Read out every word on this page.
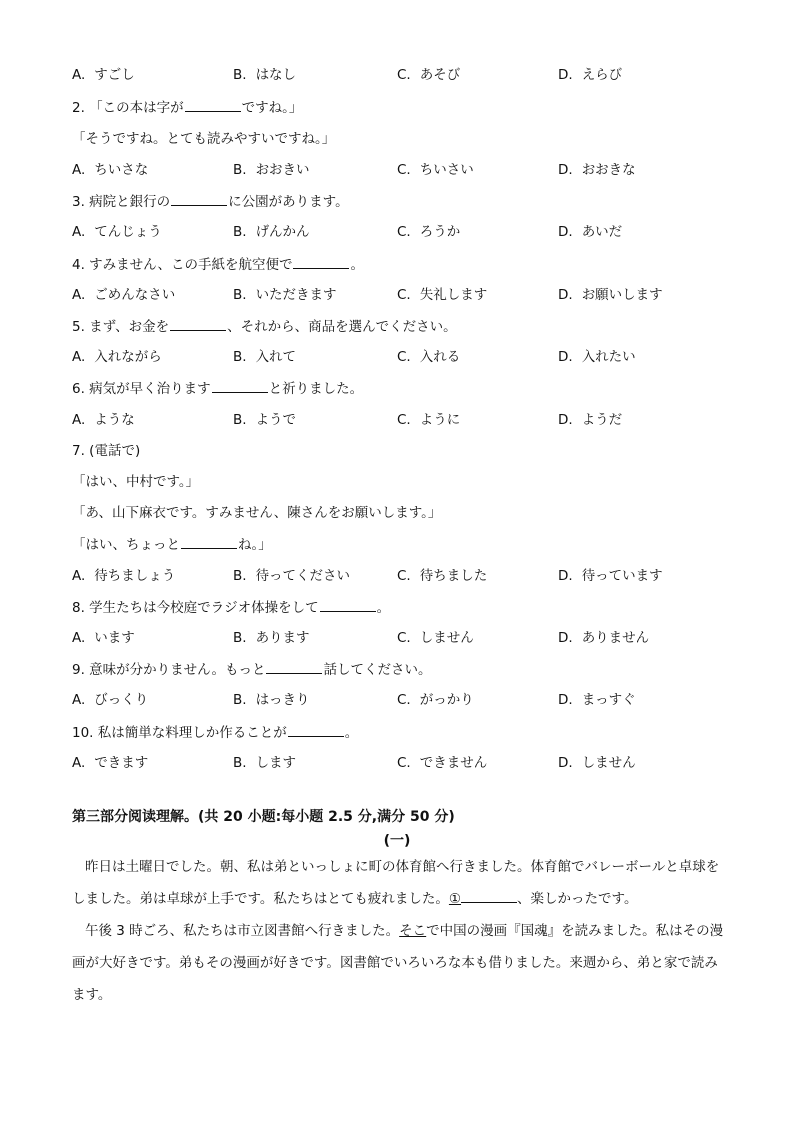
A. すごし	B. はなし	C. あそび	D. えらび
2. 「この本は字が	ですね。」
「そうですね。とても読みやすいですね。」
A. ちいさな	B. おおきい	C. ちいさい	D. おおきな
3. 病院と銀行の	に公園があります。
A. てんじょう	B. げんかん	C. ろうか	D. あいだ
4. すみません、この手紙を航空便で	。
A. ごめんなさい	B. いただきます	C. 失礼します	D. お願いします
5. まず、お金を	、それから、商品を選んでください。
A. 入れながら	B. 入れて	C. 入れる	D. 入れたい
6. 病気が早く治ります	と祈りました。
A. ような	B. ようで	C. ように	D. ようだ
7. (電話で)
「はい、中村です。」
「あ、山下麻衣です。すみません、陳さんをお願いします。」
「はい、ちょっと	ね。」
A. 待ちましょう	B. 待ってください	C. 待ちました	D. 待っています
8. 学生たちは今校庭でラジオ体操をして	。
A. います	B. あります	C. しません	D. ありません
9. 意味が分かりません。もっと	話してください。
A. びっくり	B. はっきり	C. がっかり	D. まっすぐ
10. 私は簡単な料理しか作ることが	。
A. できます	B. します	C. できません	D. しません
第三部分阅读理解。(共 20 小题:每小题 2.5 分,满分 50 分)
(一)
昨日は土曜日でした。朝、私は弟といっしょに町の体育館へ行きました。体育館でバレーボールと卓球をしました。弟は卓球が上手です。私たちはとても疲れました。①	、楽しかったです。
午後 3 時ごろ、私たちは市立図書館へ行きました。そこで中国の漫画『国魂』を読みました。私はその漫画が大好きです。弟もその漫画が好きです。図書館でいろいろな本も借りました。来週から、弟と家で読みます。
